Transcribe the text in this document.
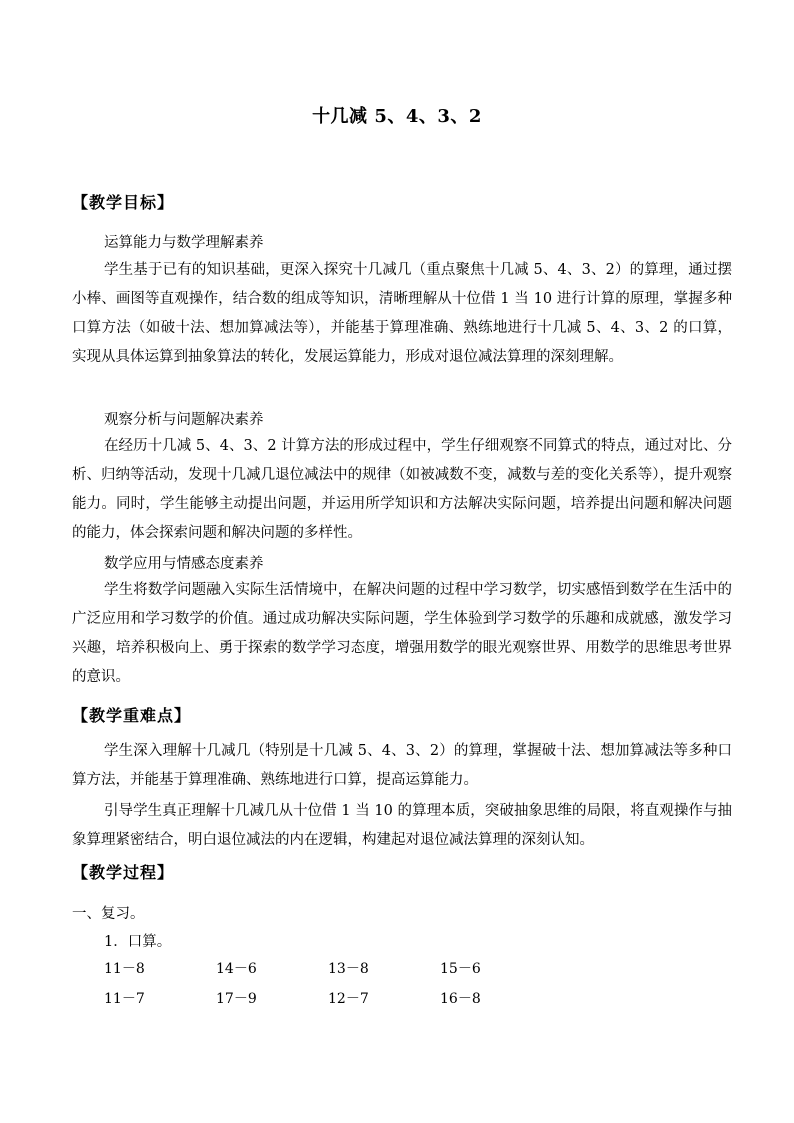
十几减 5、4、3、2
【教学目标】
运算能力与数学理解素养
学生基于已有的知识基础，更深入探究十几减几（重点聚焦十几减 5、4、3、2）的算理，通过摆小棒、画图等直观操作，结合数的组成等知识，清晰理解从十位借 1 当 10 进行计算的原理，掌握多种口算方法（如破十法、想加算减法等），并能基于算理准确、熟练地进行十几减 5、4、3、2 的口算，实现从具体运算到抽象算法的转化，发展运算能力，形成对退位减法算理的深刻理解。
观察分析与问题解决素养
在经历十几减 5、4、3、2 计算方法的形成过程中，学生仔细观察不同算式的特点，通过对比、分析、归纳等活动，发现十几减几退位减法中的规律（如被减数不变，减数与差的变化关系等），提升观察能力。同时，学生能够主动提出问题，并运用所学知识和方法解决实际问题，培养提出问题和解决问题的能力，体会探索问题和解决问题的多样性。
数学应用与情感态度素养
学生将数学问题融入实际生活情境中，在解决问题的过程中学习数学，切实感悟到数学在生活中的广泛应用和学习数学的价值。通过成功解决实际问题，学生体验到学习数学的乐趣和成就感，激发学习兴趣，培养积极向上、勇于探索的数学学习态度，增强用数学的眼光观察世界、用数学的思维思考世界的意识。
【教学重难点】
学生深入理解十几减几（特别是十几减 5、4、3、2）的算理，掌握破十法、想加算减法等多种口算方法，并能基于算理准确、熟练地进行口算，提高运算能力。
引导学生真正理解十几减几从十位借 1 当 10 的算理本质，突破抽象思维的局限，将直观操作与抽象算理紧密结合，明白退位减法的内在逻辑，构建起对退位减法算理的深刻认知。
【教学过程】
一、复习。
1．口算。
11－8	14－6	13－8	15－6
11－7	17－9	12－7	16－8
